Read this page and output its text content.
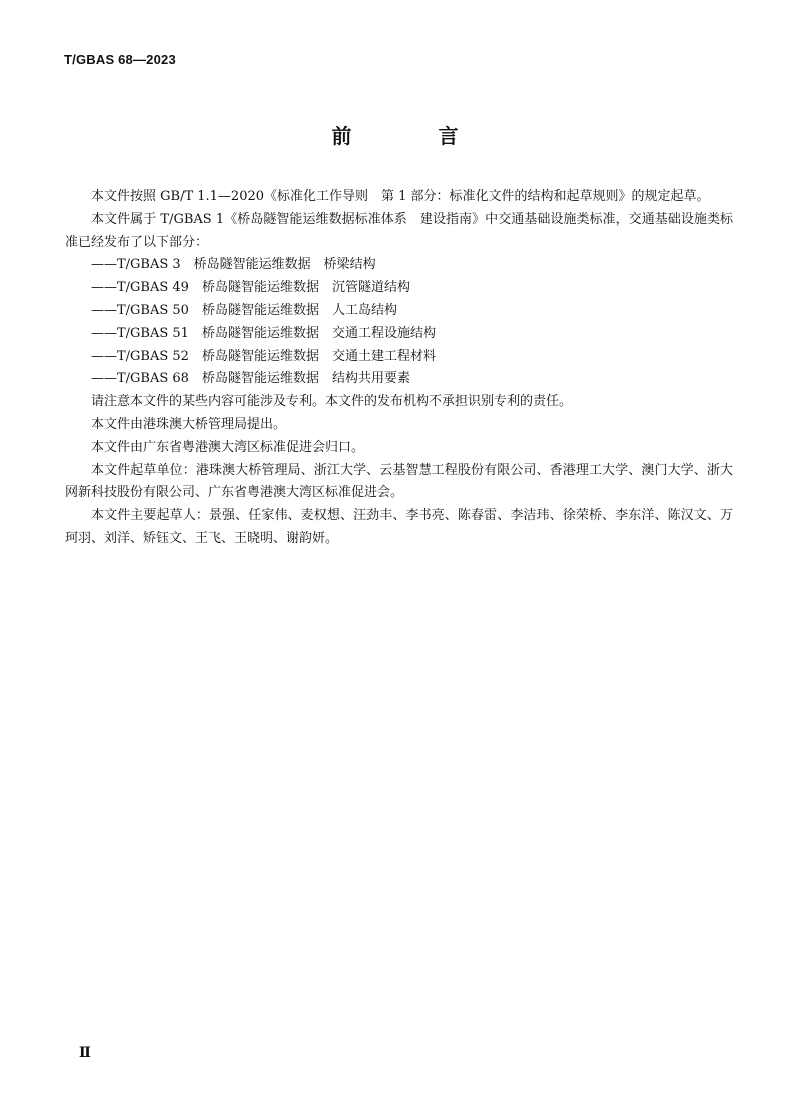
T/GBAS 68—2023
前 言

本文件按照 GB/T 1.1—2020《标准化工作导则　第 1 部分：标准化文件的结构和起草规则》的规定起草。

本文件属于 T/GBAS 1《桥岛隧智能运维数据标准体系　建设指南》中交通基础设施类标准，交通基础设施类标准已经发布了以下部分：

——T/GBAS 3　桥岛隧智能运维数据　桥梁结构

——T/GBAS 49　桥岛隧智能运维数据　沉管隧道结构

——T/GBAS 50　桥岛隧智能运维数据　人工岛结构

——T/GBAS 51　桥岛隧智能运维数据　交通工程设施结构

——T/GBAS 52　桥岛隧智能运维数据　交通土建工程材料

——T/GBAS 68　桥岛隧智能运维数据　结构共用要素

请注意本文件的某些内容可能涉及专利。本文件的发布机构不承担识别专利的责任。

本文件由港珠澳大桥管理局提出。

本文件由广东省粤港澳大湾区标准促进会归口。

本文件起草单位：港珠澳大桥管理局、浙江大学、云基智慧工程股份有限公司、香港理工大学、澳门大学、浙大网新科技股份有限公司、广东省粤港澳大湾区标准促进会。

本文件主要起草人：景强、任家伟、麦权想、汪劲丰、李书亮、陈春雷、李洁玮、徐荣桥、李东洋、陈汉文、万珂羽、刘洋、矫钰文、王飞、王晓明、谢韵妍。

Ⅱ
